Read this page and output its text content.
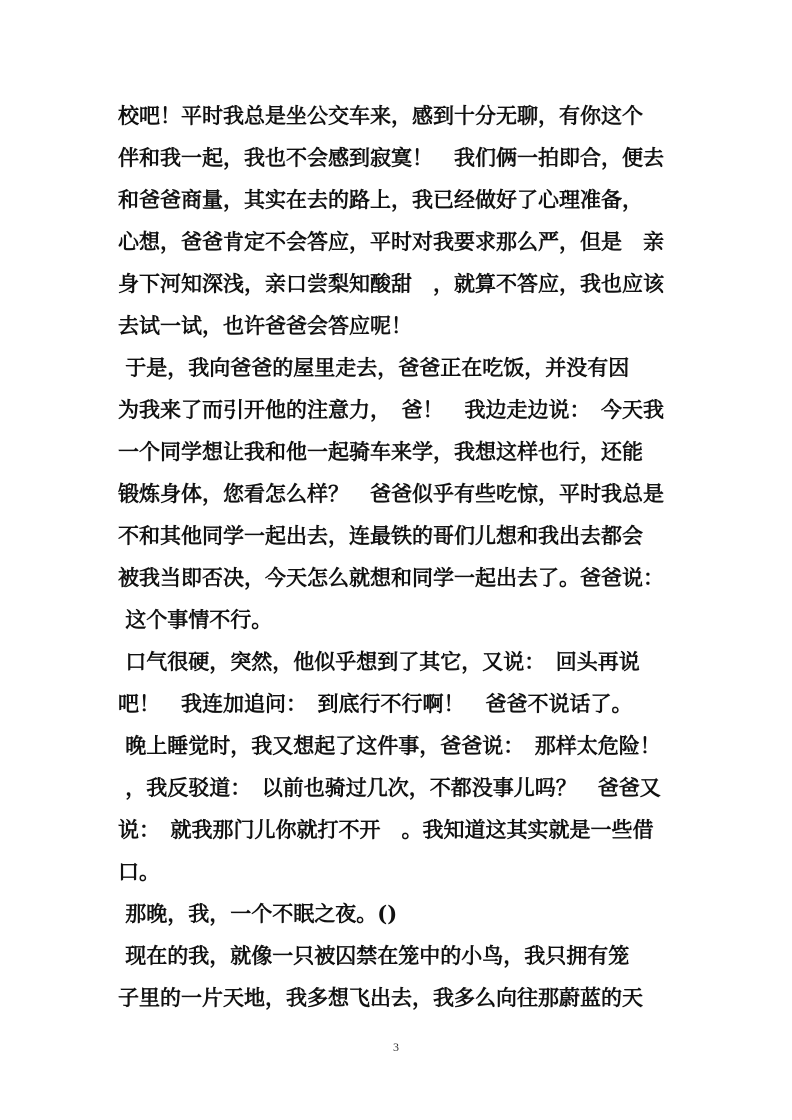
校吧！平时我总是坐公交车来，感到十分无聊，有你这个
伴和我一起，我也不会感到寂寞！　我们俩一拍即合，便去
和爸爸商量，其实在去的路上，我已经做好了心理准备，
心想，爸爸肯定不会答应，平时对我要求那么严，但是　亲
身下河知深浅，亲口尝梨知酸甜　，就算不答应，我也应该
去试一试，也许爸爸会答应呢！
于是，我向爸爸的屋里走去，爸爸正在吃饭，并没有因
为我来了而引开他的注意力，　爸！　我边走边说：　今天我
一个同学想让我和他一起骑车来学，我想这样也行，还能
锻炼身体，您看怎么样？　爸爸似乎有些吃惊，平时我总是
不和其他同学一起出去，连最铁的哥们儿想和我出去都会
被我当即否决，今天怎么就想和同学一起出去了。爸爸说：
这个事情不行。
口气很硬，突然，他似乎想到了其它，又说：　回头再说
吧！　我连加追问：　到底行不行啊！　爸爸不说话了。
晚上睡觉时，我又想起了这件事，爸爸说：　那样太危险！
，我反驳道：　以前也骑过几次，不都没事儿吗？　爸爸又
说：　就我那门儿你就打不开　。我知道这其实就是一些借
口。
那晚，我，一个不眠之夜。()
现在的我，就像一只被囚禁在笼中的小鸟，我只拥有笼
子里的一片天地，我多想飞出去，我多么向往那蔚蓝的天
3
